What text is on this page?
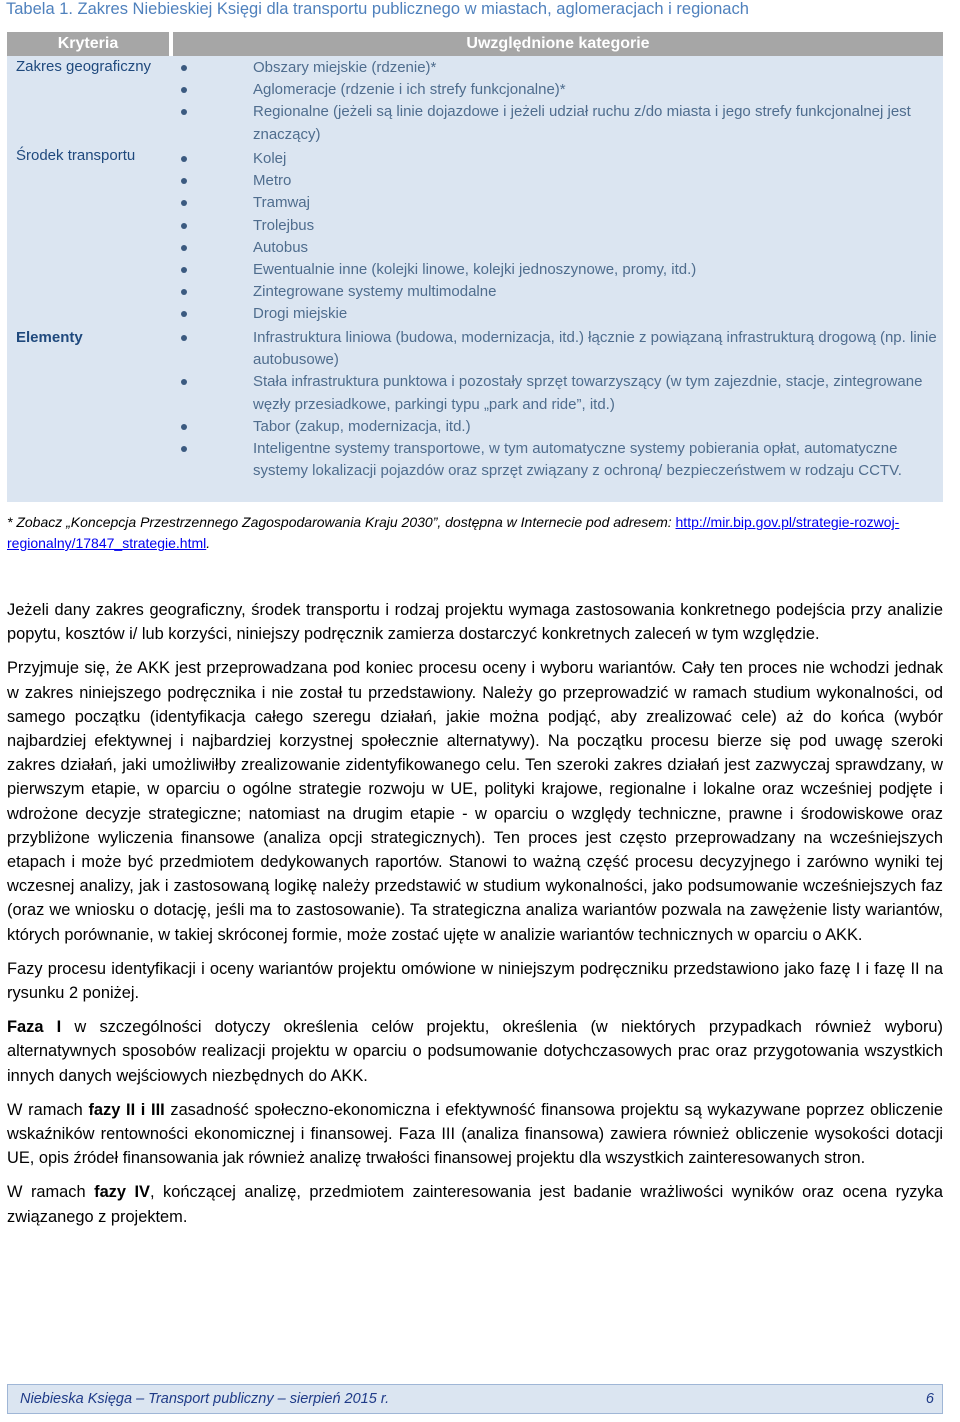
Tabela 1. Zakres Niebieskiej Księgi dla transportu publicznego w miastach, aglomeracjach i regionach
Kryteria	Uwzględnione kategorie
Zakres geograficzny	Obszary miejskie (rdzenie)*
Aglomeracje (rdzenie i ich strefy funkcjonalne)*
Regionalne (jeżeli są linie dojazdowe i jeżeli udział ruchu z/do miasta i jego strefy funkcjonalnej jest znaczący)
Środek transportu	Kolej
Metro
Tramwaj
Trolejbus
Autobus
Ewentualnie inne (kolejki linowe, kolejki jednoszynowe, promy, itd.)
Zintegrowane systemy multimodalne
Drogi miejskie
Elementy	Infrastruktura liniowa (budowa, modernizacja, itd.) łącznie z powiązaną infrastrukturą drogową (np. linie autobusowe)
Stała infrastruktura punktowa i pozostały sprzęt towarzyszący (w tym zajezdnie, stacje, zintegrowane węzły przesiadkowe, parkingi typu „park and ride”, itd.)
Tabor (zakup, modernizacja, itd.)
Inteligentne systemy transportowe, w tym automatyczne systemy pobierania opłat, automatyczne systemy lokalizacji pojazdów oraz sprzęt związany z ochroną/ bezpieczeństwem w rodzaju CCTV.
* Zobacz „Koncepcja Przestrzennego Zagospodarowania Kraju 2030”, dostępna w Internecie pod adresem: http://mir.bip.gov.pl/strategie-rozwoj-regionalny/17847_strategie.html.

Jeżeli dany zakres geograficzny, środek transportu i rodzaj projektu wymaga zastosowania konkretnego podejścia przy analizie popytu, kosztów i/ lub korzyści, niniejszy podręcznik zamierza dostarczyć konkretnych zaleceń w tym względzie.

Przyjmuje się, że AKK jest przeprowadzana pod koniec procesu oceny i wyboru wariantów. Cały ten proces nie wchodzi jednak w zakres niniejszego podręcznika i nie został tu przedstawiony. Należy go przeprowadzić w ramach studium wykonalności, od samego początku (identyfikacja całego szeregu działań, jakie można podjąć, aby zrealizować cele) aż do końca (wybór najbardziej efektywnej i najbardziej korzystnej społecznie alternatywy). Na początku procesu bierze się pod uwagę szeroki zakres działań, jaki umożliwiłby zrealizowanie zidentyfikowanego celu. Ten szeroki zakres działań jest zazwyczaj sprawdzany, w pierwszym etapie, w oparciu o ogólne strategie rozwoju w UE, polityki krajowe, regionalne i lokalne oraz wcześniej podjęte i wdrożone decyzje strategiczne; natomiast na drugim etapie - w oparciu o względy techniczne, prawne i środowiskowe oraz przybliżone wyliczenia finansowe (analiza opcji strategicznych). Ten proces jest często przeprowadzany na wcześniejszych etapach i może być przedmiotem dedykowanych raportów. Stanowi to ważną część procesu decyzyjnego i zarówno wyniki tej wczesnej analizy, jak i zastosowaną logikę należy przedstawić w studium wykonalności, jako podsumowanie wcześniejszych faz (oraz we wniosku o dotację, jeśli ma to zastosowanie). Ta strategiczna analiza wariantów pozwala na zawężenie listy wariantów, których porównanie, w takiej skróconej formie, może zostać ujęte w analizie wariantów technicznych w oparciu o AKK.

Fazy procesu identyfikacji i oceny wariantów projektu omówione w niniejszym podręczniku przedstawiono jako fazę I i fazę II na rysunku 2 poniżej.

Faza I w szczególności dotyczy określenia celów projektu, określenia (w niektórych przypadkach również wyboru) alternatywnych sposobów realizacji projektu w oparciu o podsumowanie dotychczasowych prac oraz przygotowania wszystkich innych danych wejściowych niezbędnych do AKK.

W ramach fazy II i III zasadność społeczno-ekonomiczna i efektywność finansowa projektu są wykazywane poprzez obliczenie wskaźników rentowności ekonomicznej i finansowej. Faza III (analiza finansowa) zawiera również obliczenie wysokości dotacji UE, opis źródeł finansowania jak również analizę trwałości finansowej projektu dla wszystkich zainteresowanych stron.

W ramach fazy IV, kończącej analizę, przedmiotem zainteresowania jest badanie wrażliwości wyników oraz ocena ryzyka związanego z projektem.

Niebieska Księga – Transport publiczny – sierpień 2015 r.	6
